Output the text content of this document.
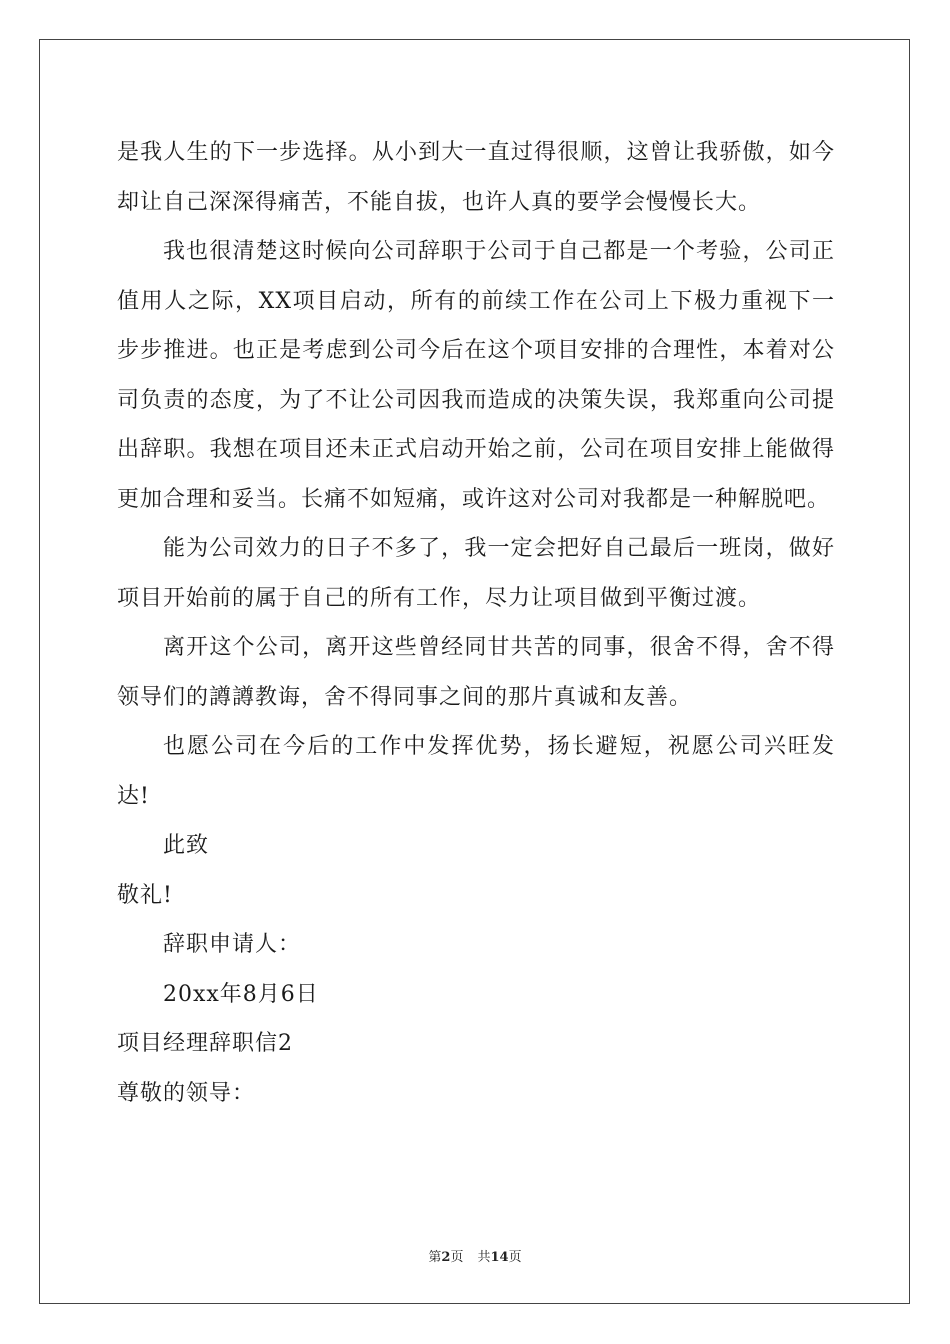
是我人生的下一步选择。从小到大一直过得很顺，这曾让我骄傲，如今却让自己深深得痛苦，不能自拔，也许人真的要学会慢慢长大。

我也很清楚这时候向公司辞职于公司于自己都是一个考验，公司正值用人之际，XX项目启动，所有的前续工作在公司上下极力重视下一步步推进。也正是考虑到公司今后在这个项目安排的合理性，本着对公司负责的态度，为了不让公司因我而造成的决策失误，我郑重向公司提出辞职。我想在项目还未正式启动开始之前，公司在项目安排上能做得更加合理和妥当。长痛不如短痛，或许这对公司对我都是一种解脱吧。

能为公司效力的日子不多了，我一定会把好自己最后一班岗，做好项目开始前的属于自己的所有工作，尽力让项目做到平衡过渡。

离开这个公司，离开这些曾经同甘共苦的同事，很舍不得，舍不得领导们的譐譐教诲，舍不得同事之间的那片真诚和友善。

也愿公司在今后的工作中发挥优势，扬长避短，祝愿公司兴旺发达!

此致

敬礼!

辞职申请人：

20xx年8月6日

项目经理辞职信2

尊敬的领导：

第2页 共14页
